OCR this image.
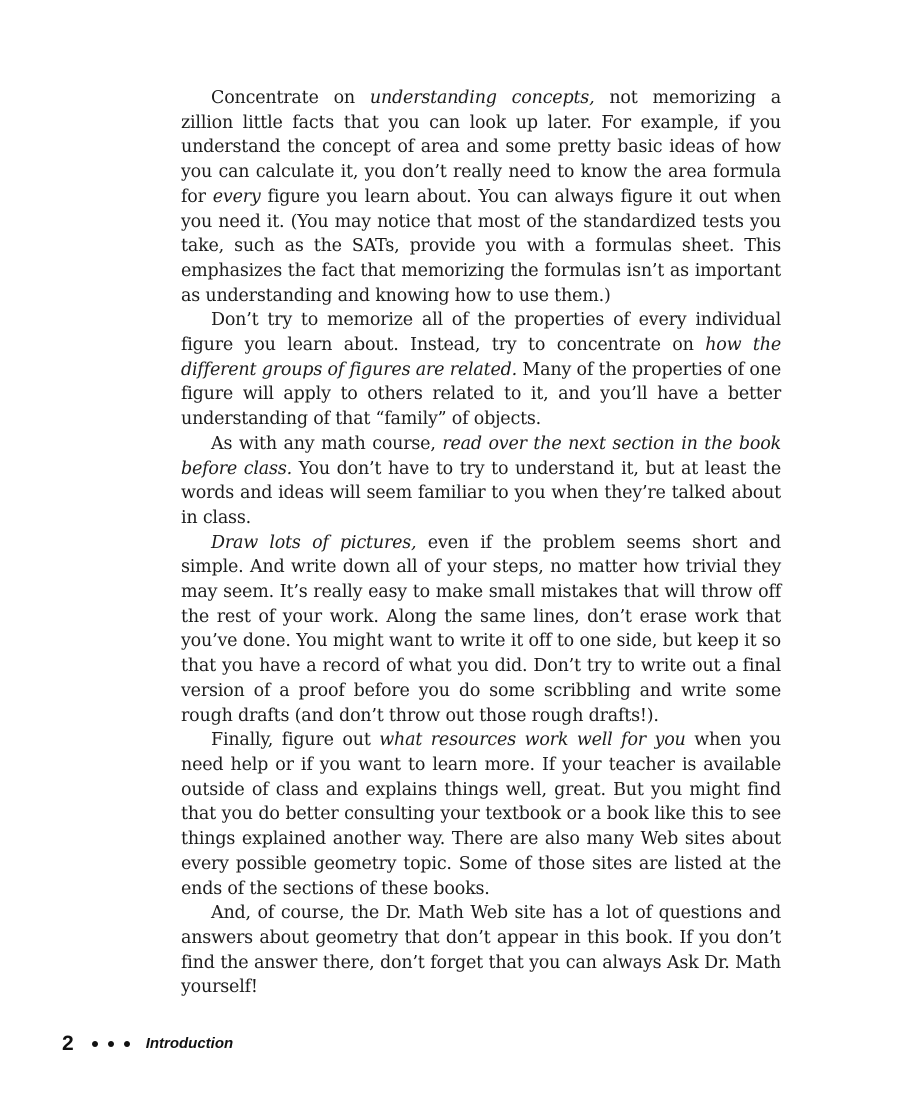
Concentrate on understanding concepts, not memorizing a zillion little facts that you can look up later. For example, if you understand the concept of area and some pretty basic ideas of how you can calculate it, you don’t really need to know the area formula for every figure you learn about. You can always figure it out when you need it. (You may notice that most of the standardized tests you take, such as the SATs, provide you with a formulas sheet. This emphasizes the fact that memorizing the formulas isn’t as important as understanding and knowing how to use them.)

Don’t try to memorize all of the properties of every individual figure you learn about. Instead, try to concentrate on how the different groups of figures are related. Many of the properties of one figure will apply to others related to it, and you’ll have a better understanding of that “family” of objects.

As with any math course, read over the next section in the book before class. You don’t have to try to understand it, but at least the words and ideas will seem familiar to you when they’re talked about in class.

Draw lots of pictures, even if the problem seems short and simple. And write down all of your steps, no matter how trivial they may seem. It’s really easy to make small mistakes that will throw off the rest of your work. Along the same lines, don’t erase work that you’ve done. You might want to write it off to one side, but keep it so that you have a record of what you did. Don’t try to write out a final version of a proof before you do some scribbling and write some rough drafts (and don’t throw out those rough drafts!).

Finally, figure out what resources work well for you when you need help or if you want to learn more. If your teacher is available outside of class and explains things well, great. But you might find that you do better consulting your textbook or a book like this to see things explained another way. There are also many Web sites about every possible geometry topic. Some of those sites are listed at the ends of the sections of these books.

And, of course, the Dr. Math Web site has a lot of questions and answers about geometry that don’t appear in this book. If you don’t find the answer there, don’t forget that you can always Ask Dr. Math yourself!

2	Introduction
